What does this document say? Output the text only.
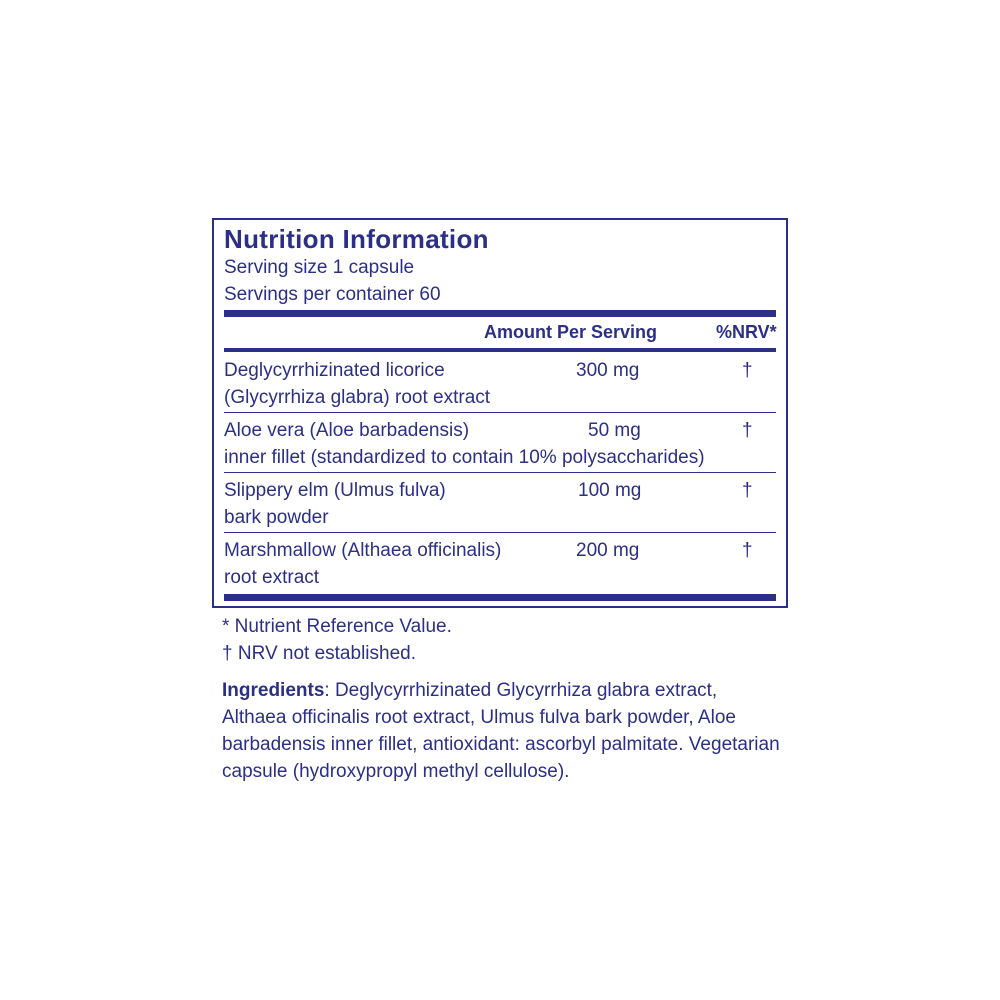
Nutrition Information
Serving size 1 capsule
Servings per container 60
Amount Per Serving	%NRV*
Deglycyrrhizinated licorice
(Glycyrrhiza glabra) root extract
300 mg	†
Aloe vera (Aloe barbadensis)
inner fillet (standardized to contain 10% polysaccharides)
50 mg	†
Slippery elm (Ulmus fulva)
bark powder
100 mg	†
Marshmallow (Althaea officinalis)
root extract
200 mg	†
* Nutrient Reference Value.
† NRV not established.
Ingredients: Deglycyrrhizinated Glycyrrhiza glabra extract, Althaea officinalis root extract, Ulmus fulva bark powder, Aloe barbadensis inner fillet, antioxidant: ascorbyl palmitate. Vegetarian capsule (hydroxypropyl methyl cellulose).
